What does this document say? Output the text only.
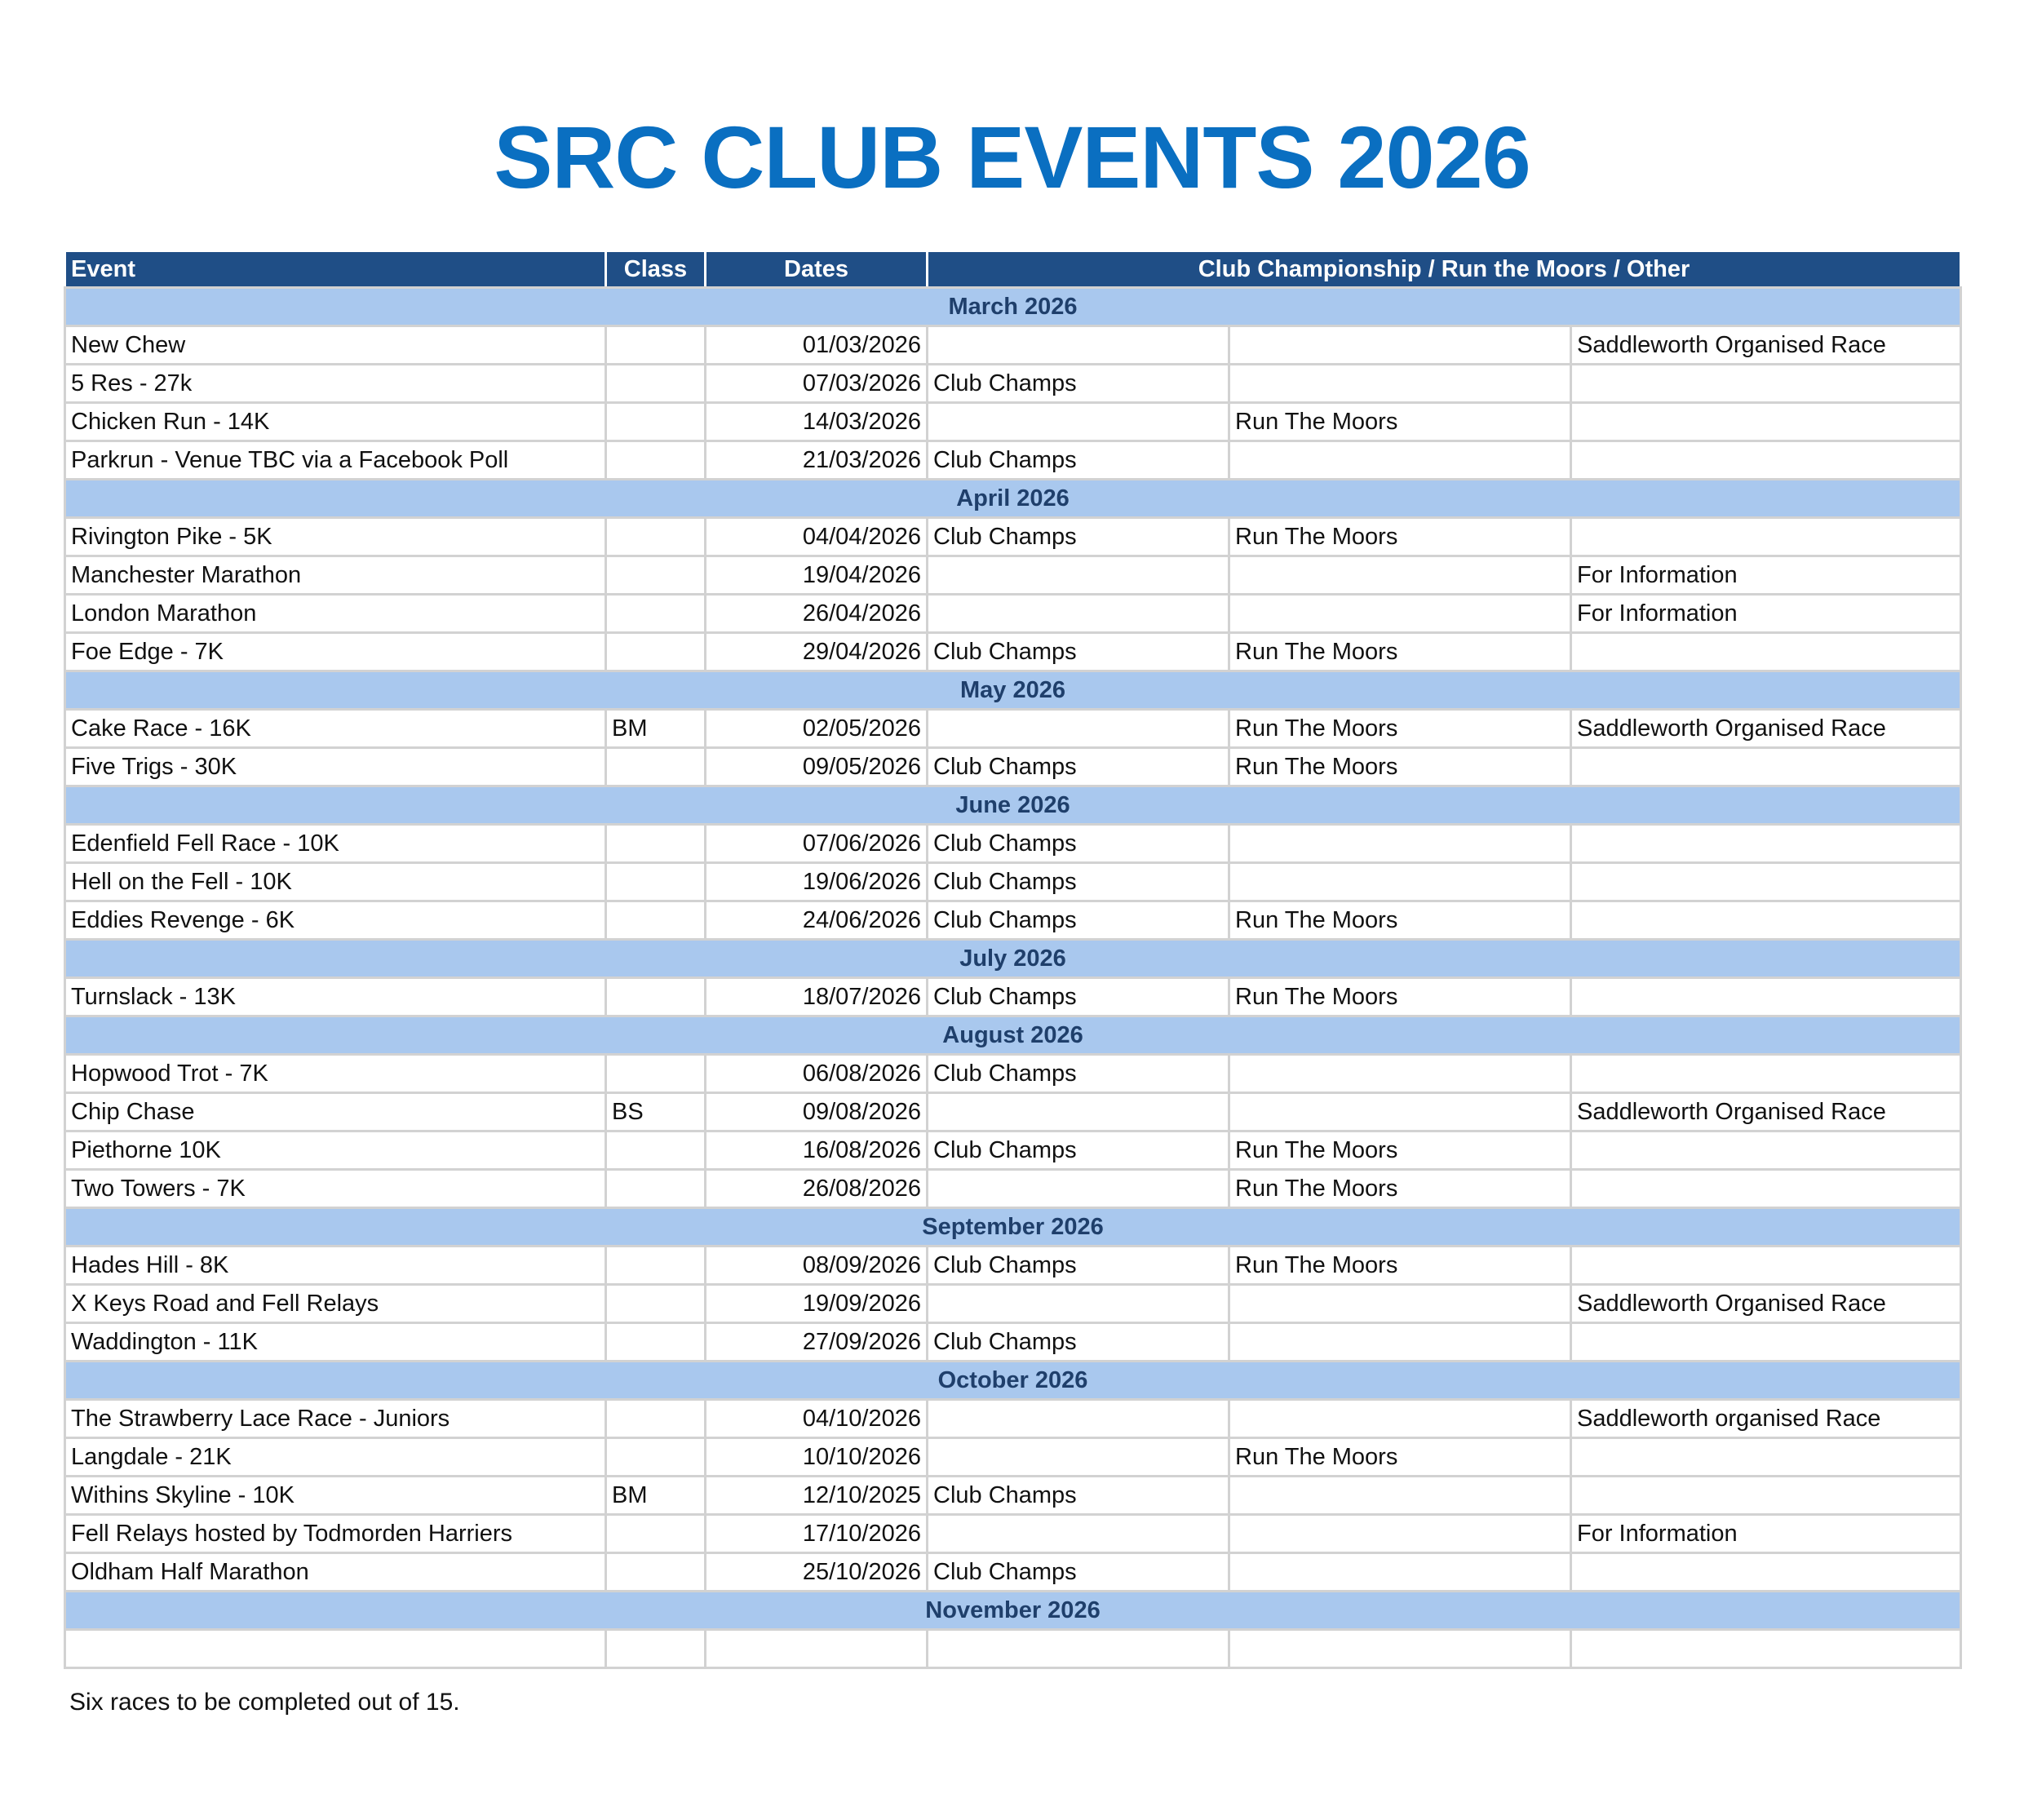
SRC CLUB EVENTS 2026
Event	Class	Dates	Club Championship / Run the Moors / Other		
March 2026					
New Chew		01/03/2026			Saddleworth Organised Race
5 Res - 27k		07/03/2026	Club Champs		
Chicken Run - 14K		14/03/2026		Run The Moors	
Parkrun - Venue TBC via a Facebook Poll		21/03/2026	Club Champs		
April 2026					
Rivington Pike - 5K		04/04/2026	Club Champs	Run The Moors	
Manchester Marathon		19/04/2026			For Information
London Marathon		26/04/2026			For Information
Foe Edge - 7K		29/04/2026	Club Champs	Run The Moors	
May 2026					
Cake Race - 16K	BM	02/05/2026		Run The Moors	Saddleworth Organised Race
Five Trigs - 30K		09/05/2026	Club Champs	Run The Moors	
June 2026					
Edenfield Fell Race - 10K		07/06/2026	Club Champs		
Hell on the Fell - 10K		19/06/2026	Club Champs		
Eddies Revenge - 6K		24/06/2026	Club Champs	Run The Moors	
July 2026					
Turnslack - 13K		18/07/2026	Club Champs	Run The Moors	
August 2026					
Hopwood Trot - 7K		06/08/2026	Club Champs		
Chip Chase	BS	09/08/2026			Saddleworth Organised Race
Piethorne 10K		16/08/2026	Club Champs	Run The Moors	
Two Towers - 7K		26/08/2026		Run The Moors	
September 2026					
Hades Hill - 8K		08/09/2026	Club Champs	Run The Moors	
X Keys Road and Fell Relays		19/09/2026			Saddleworth Organised Race
Waddington - 11K		27/09/2026	Club Champs		
October 2026					
The Strawberry Lace Race - Juniors		04/10/2026			Saddleworth organised Race
Langdale - 21K		10/10/2026		Run The Moors	
Withins Skyline - 10K	BM	12/10/2025	Club Champs		
Fell Relays hosted by Todmorden Harriers		17/10/2026			For Information
Oldham Half Marathon		25/10/2026	Club Champs		
November 2026					

Six races to be completed out of 15.
